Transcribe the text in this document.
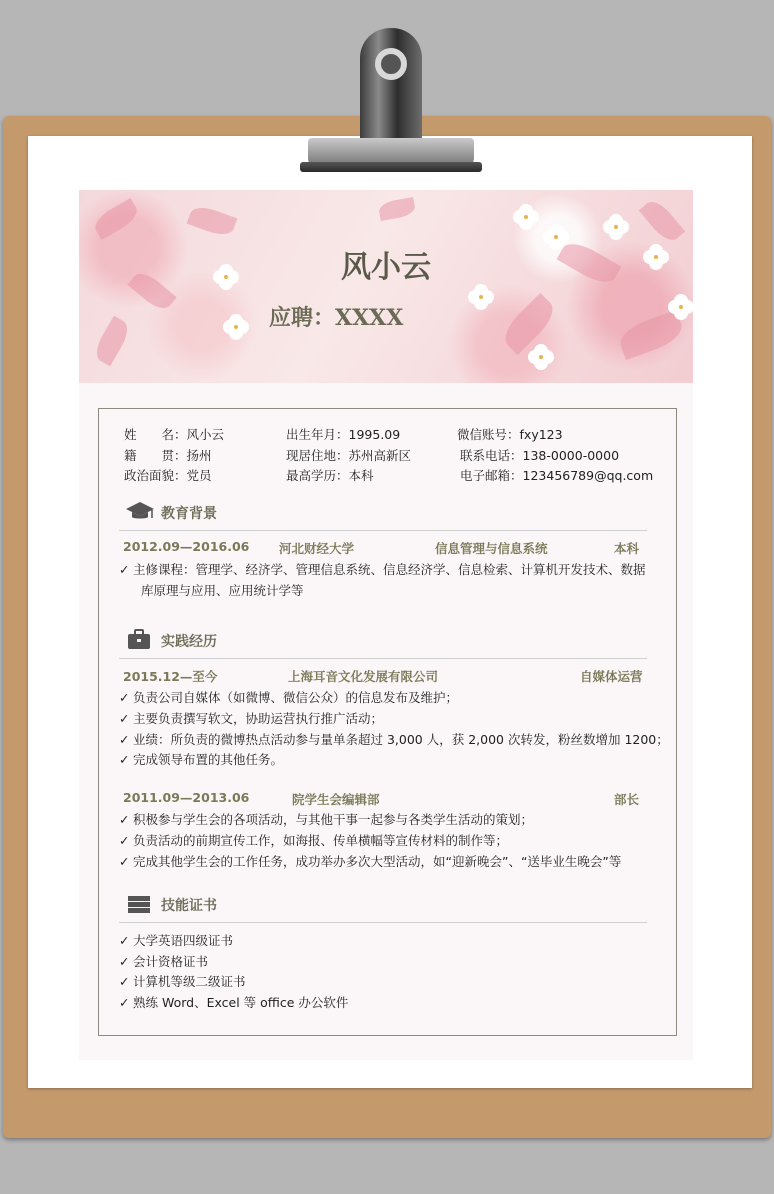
风小云
应聘：XXXX
姓　　名：风小云	出生年月：1995.09	微信账号：fxy123
籍　　贯：扬州	现居住地：苏州高新区	联系电话：138-0000-0000
政治面貌：党员	最高学历：本科	电子邮箱：123456789@qq.com
教育背景
2012.09—2016.06 河北财经大学	信息管理与信息系统	本科
✓ 主修课程：管理学、经济学、管理信息系统、信息经济学、信息检索、计算机开发技术、数据
库原理与应用、应用统计学等
实践经历
2015.12—至今	上海耳音文化发展有限公司	自媒体运营
✓ 负责公司自媒体（如微博、微信公众）的信息发布及维护；
✓ 主要负责撰写软文，协助运营执行推广活动；
✓ 业绩：所负责的微博热点活动参与量单条超过 3,000 人，获 2,000 次转发，粉丝数增加 1200；
✓ 完成领导布置的其他任务。
2011.09—2013.06	院学生会编辑部	部长
✓ 积极参与学生会的各项活动，与其他干事一起参与各类学生活动的策划；
✓ 负责活动的前期宣传工作，如海报、传单横幅等宣传材料的制作等；
✓ 完成其他学生会的工作任务，成功举办多次大型活动，如“迎新晚会”、“送毕业生晚会”等
技能证书
✓ 大学英语四级证书
✓ 会计资格证书
✓ 计算机等级二级证书
✓ 熟练 Word、Excel 等 office 办公软件
